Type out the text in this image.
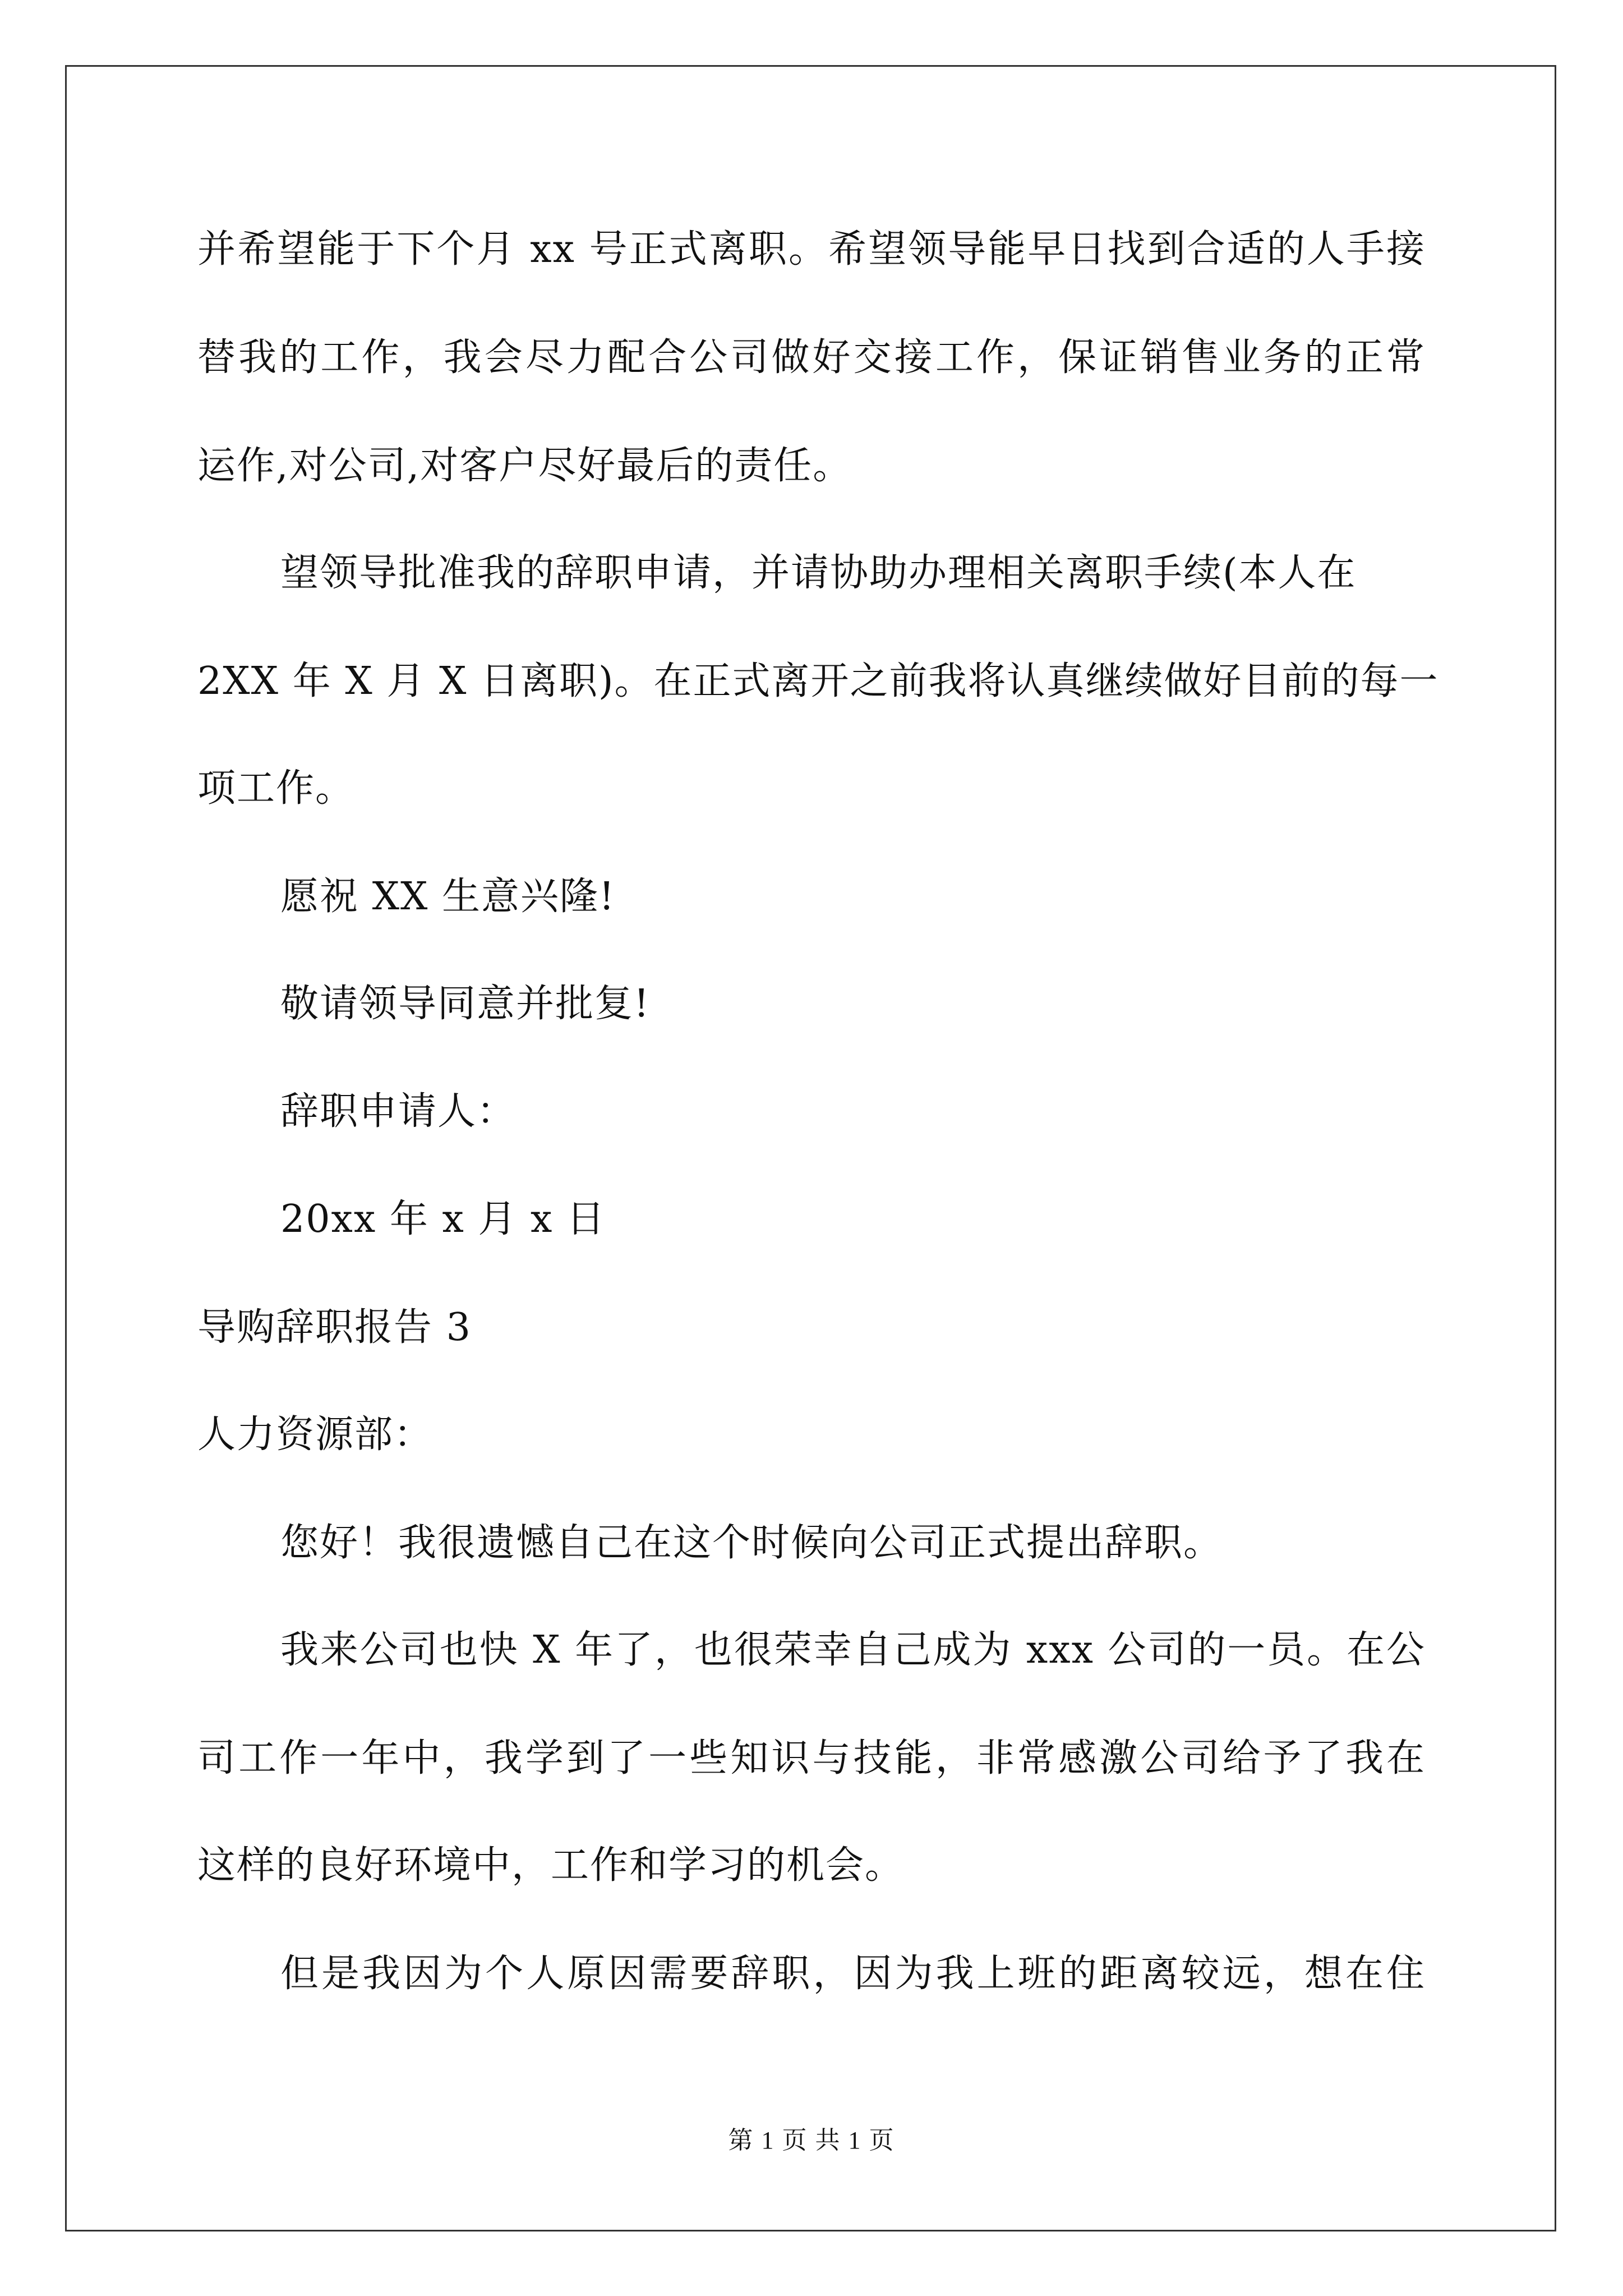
并希望能于下个月 xx 号正式离职。希望领导能早日找到合适的人手接
替我的工作，我会尽力配合公司做好交接工作，保证销售业务的正常
运作,对公司,对客户尽好最后的责任。
望领导批准我的辞职申请，并请协助办理相关离职手续(本人在
2XX 年 X 月 X 日离职)。在正式离开之前我将认真继续做好目前的每一
项工作。
愿祝 XX 生意兴隆!
敬请领导同意并批复!
辞职申请人：
20xx 年 x 月 x 日
导购辞职报告 3
人力资源部：
您好！我很遗憾自己在这个时候向公司正式提出辞职。
我来公司也快 X 年了，也很荣幸自己成为 xxx 公司的一员。在公
司工作一年中，我学到了一些知识与技能，非常感激公司给予了我在
这样的良好环境中，工作和学习的机会。
但是我因为个人原因需要辞职，因为我上班的距离较远，想在住
第 1 页 共 1 页
